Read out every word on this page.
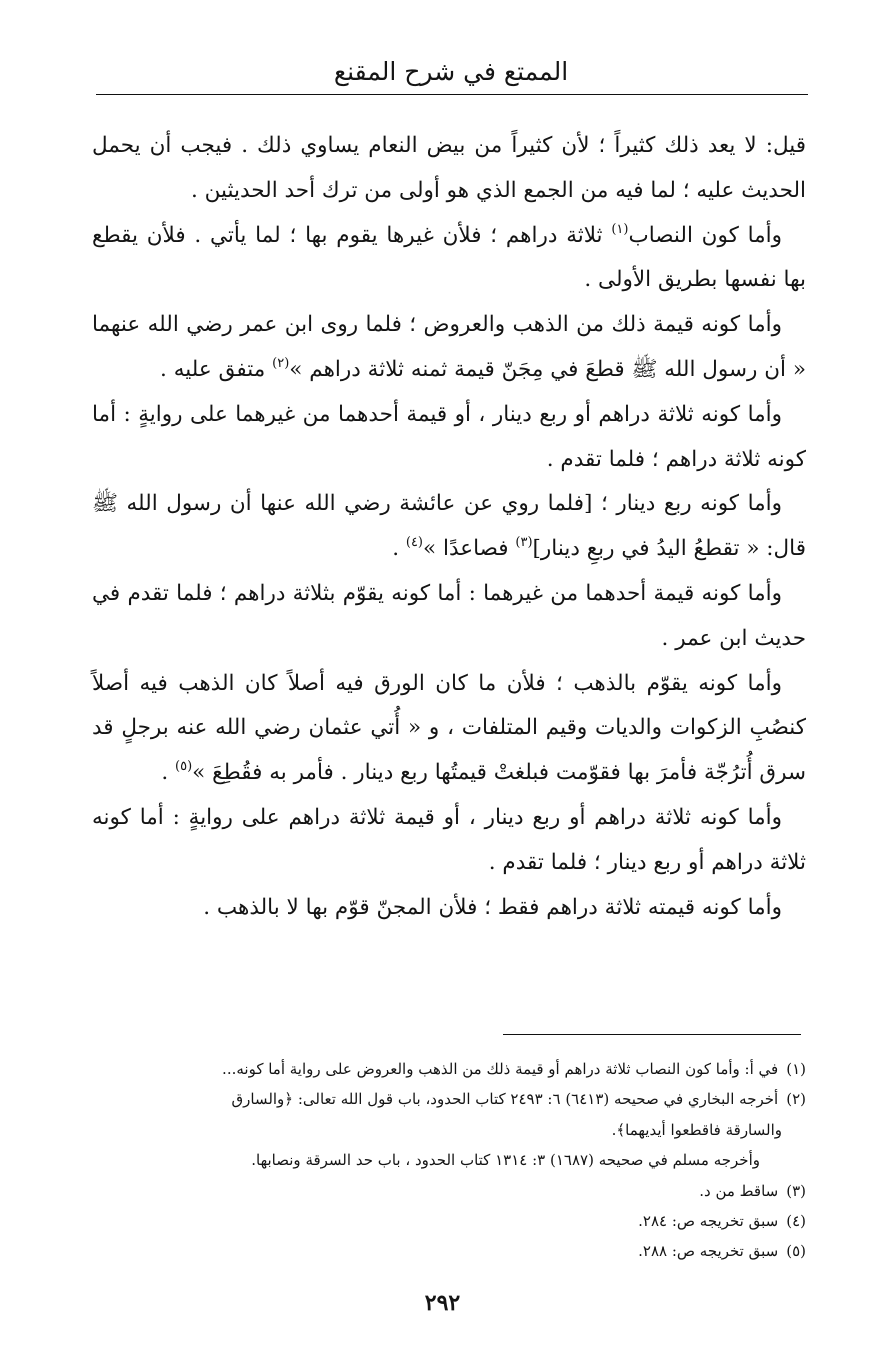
الممتع في شرح المقنع

قيل: لا يعد ذلك كثيراً ؛ لأن كثيراً من بيض النعام يساوي ذلك . فيجب أن يحمل الحديث عليه ؛ لما فيه من الجمع الذي هو أولى من ترك أحد الحديثين .

وأما كون النصاب$^{(١)}$ ثلاثة دراهم ؛ فلأن غيرها يقوم بها ؛ لما يأتي . فلأن يقطع بها نفسها بطريق الأولى .

وأما كونه قيمة ذلك من الذهب والعروض ؛ فلما روى ابن عمر رضي الله عنهما « أن رسول الله ﷺ قطعَ في مِجَنّ قيمة ثمنه ثلاثة دراهم »$^{(٢)}$ متفق عليه .

وأما كونه ثلاثة دراهم أو ربع دينار ، أو قيمة أحدهما من غيرهما على روايةٍ : أما كونه ثلاثة دراهم ؛ فلما تقدم .

وأما كونه ربع دينار ؛ [فلما روي عن عائشة رضي الله عنها أن رسول الله ﷺ قال: « تقطعُ اليدُ في ربعِ دينار]$^{(٣)}$ فصاعدًا »$^{(٤)}$ .

وأما كونه قيمة أحدهما من غيرهما : أما كونه يقوّم بثلاثة دراهم ؛ فلما تقدم في حديث ابن عمر .

وأما كونه يقوّم بالذهب ؛ فلأن ما كان الورق فيه أصلاً كان الذهب فيه أصلاً كنصُبِ الزكوات والديات وقيم المتلفات ، و « أُتي عثمان رضي الله عنه برجلٍ قد سرق أُترُجّة فأمرَ بها فقوّمت فبلغتْ قيمتُها ربع دينار . فأمر به فقُطِعَ »$^{(٥)}$ .

وأما كونه ثلاثة دراهم أو ربع دينار ، أو قيمة ثلاثة دراهم على روايةٍ : أما كونه ثلاثة دراهم أو ربع دينار ؛ فلما تقدم .

وأما كونه قيمته ثلاثة دراهم فقط ؛ فلأن المجنّ قوّم بها لا بالذهب .

(١)في أ: وأما كون النصاب ثلاثة دراهم أو قيمة ذلك من الذهب والعروض على رواية أما كونه...

(٢)أخرجه البخاري في صحيحه (٦٤١٣) ٦: ٢٤٩٣ كتاب الحدود، باب قول الله تعالى: ﴿والسارق

والسارقة فاقطعوا أيديهما﴾.

وأخرجه مسلم في صحيحه (١٦٨٧) ٣: ١٣١٤ كتاب الحدود ، باب حد السرقة ونصابها.

(٣)ساقط من د.

(٤)سبق تخريجه ص: ٢٨٤.

(٥)سبق تخريجه ص: ٢٨٨.

٢٩٢
